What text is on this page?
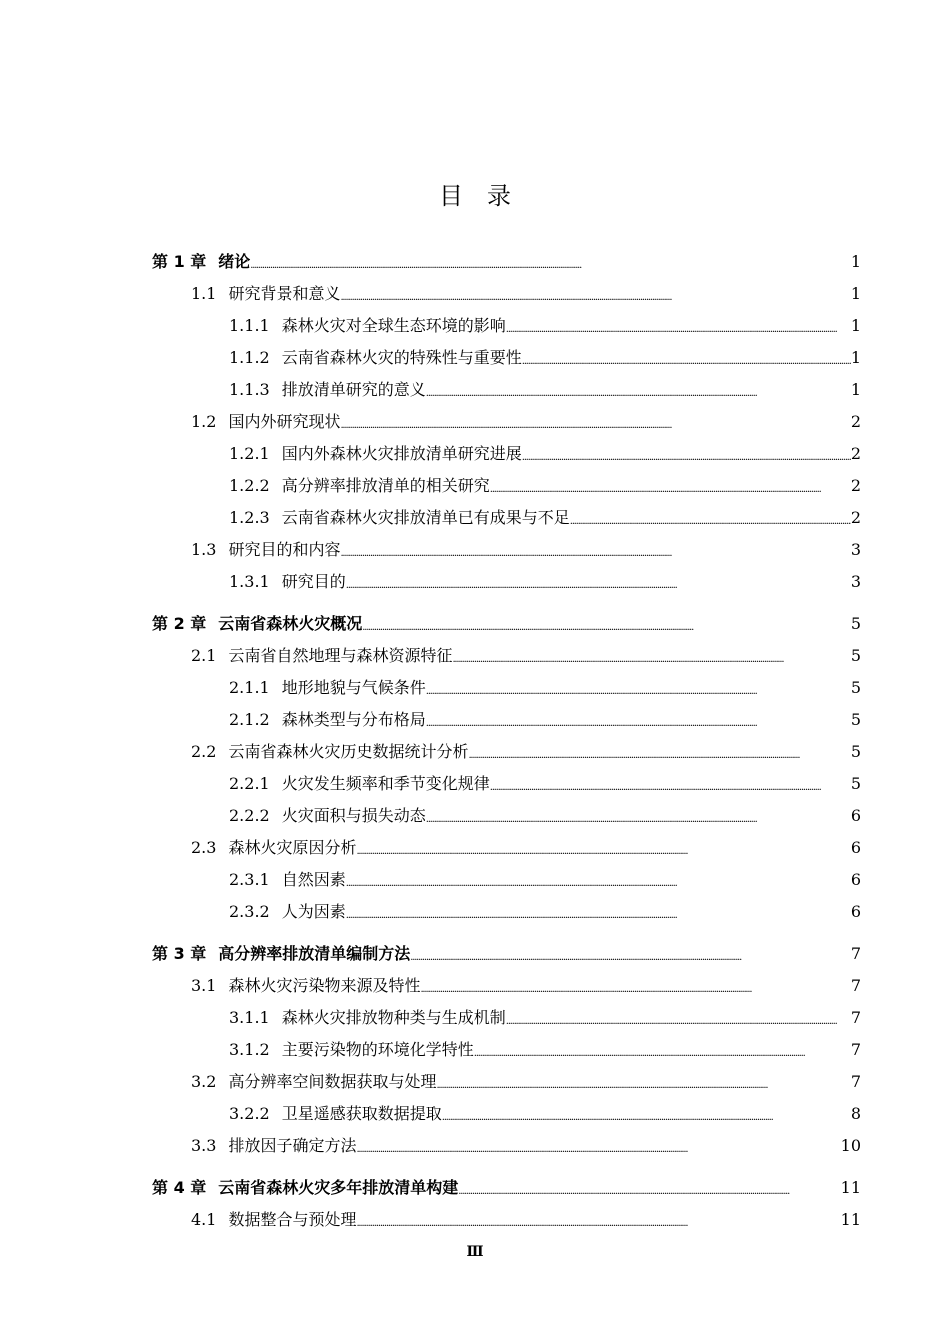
目录
第 1 章 绪论 . . .	1
1.1 研究背景和意义 . . .	1
1.1.1 森林火灾对全球生态环境的影响 . . .	1
1.1.2 云南省森林火灾的特殊性与重要性 . . .	1
1.1.3 排放清单研究的意义 . . .	1
1.2 国内外研究现状 . . .	2
1.2.1 国内外森林火灾排放清单研究进展 . . .	2
1.2.2 高分辨率排放清单的相关研究 . . .	2
1.2.3 云南省森林火灾排放清单已有成果与不足 . . .	2
1.3 研究目的和内容 . . .	3
1.3.1 研究目的 . . .	3
第 2 章 云南省森林火灾概况 . . .	5
2.1 云南省自然地理与森林资源特征 . . .	5
2.1.1 地形地貌与气候条件 . . .	5
2.1.2 森林类型与分布格局 . . .	5
2.2 云南省森林火灾历史数据统计分析 . . .	5
2.2.1 火灾发生频率和季节变化规律 . . .	5
2.2.2 火灾面积与损失动态 . . .	6
2.3 森林火灾原因分析 . . .	6
2.3.1 自然因素 . . .	6
2.3.2 人为因素 . . .	6
第 3 章 高分辨率排放清单编制方法 . . .	7
3.1 森林火灾污染物来源及特性 . . .	7
3.1.1 森林火灾排放物种类与生成机制 . . .	7
3.1.2 主要污染物的环境化学特性 . . .	7
3.2 高分辨率空间数据获取与处理 . . .	7
3.2.2 卫星遥感获取数据提取 . . .	8
3.3 排放因子确定方法 . . .	10
第 4 章 云南省森林火灾多年排放清单构建 . . .	11
4.1 数据整合与预处理 . . .	11
Ⅲ
